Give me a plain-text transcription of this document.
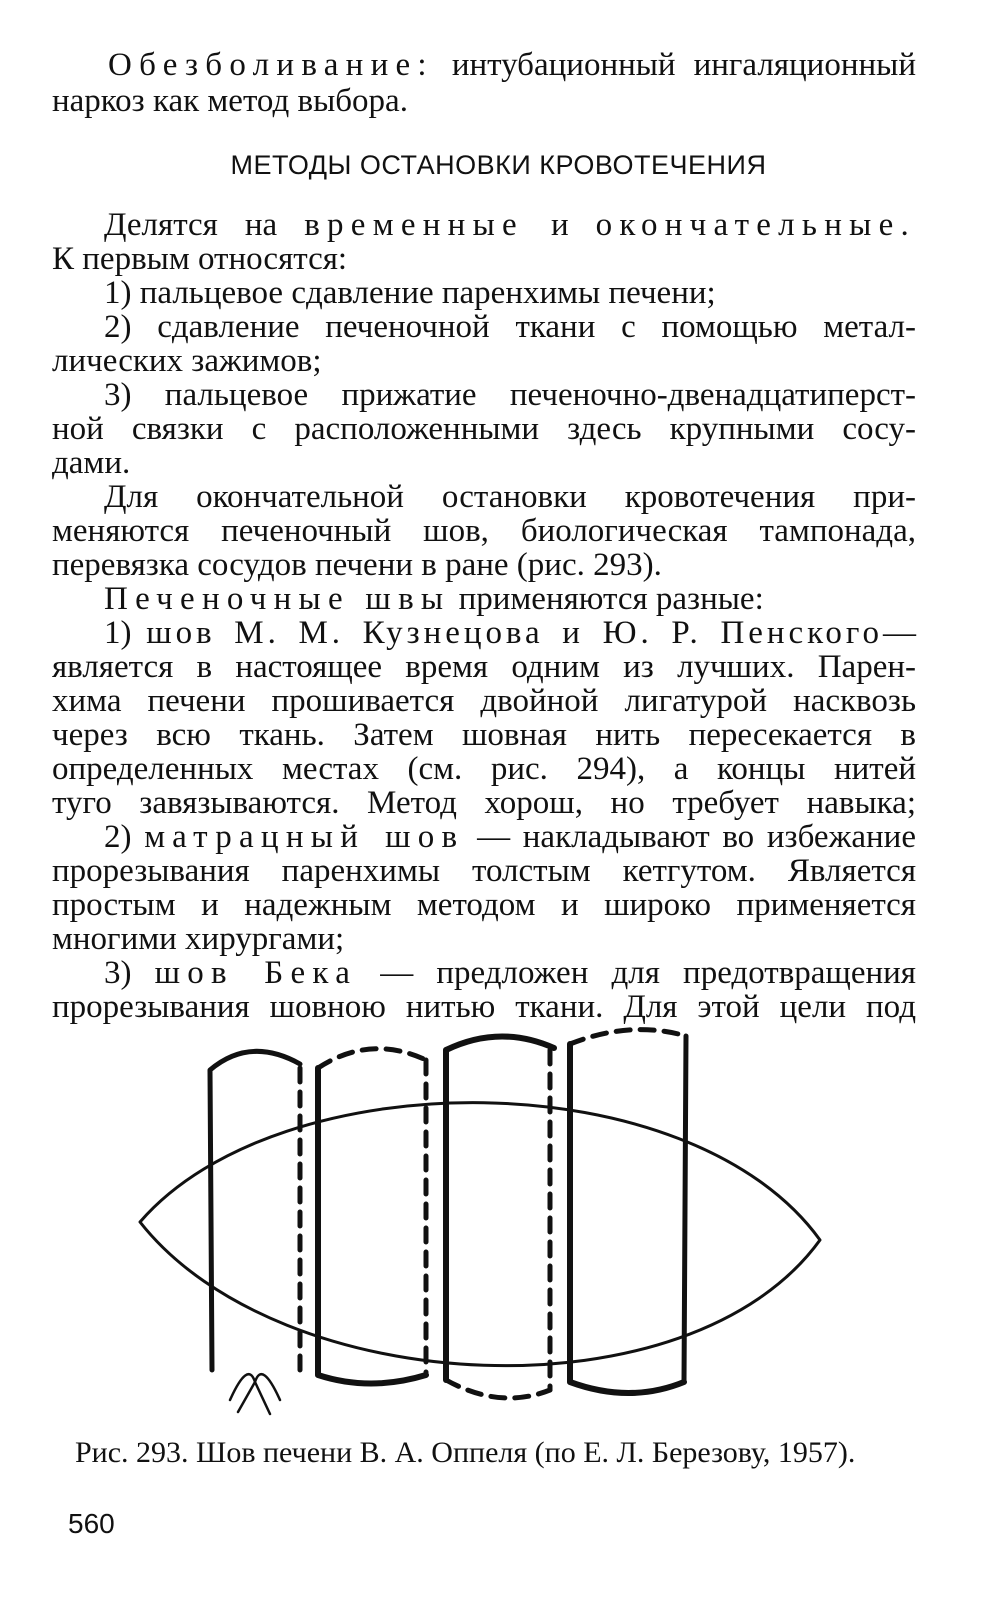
Обезболивание: интубационный ингаляционный
наркоз как метод выбора.
МЕТОДЫ ОСТАНОВКИ КРОВОТЕЧЕНИЯ
Делятся на временные и окончательные.
К первым относятся:
1) пальцевое сдавление паренхимы печени;
2) сдавление печеночной ткани с помощью метал-
лических зажимов;
3) пальцевое прижатие печеночно-двенадцатиперст-
ной связки с расположенными здесь крупными сосу-
дами.
Для окончательной остановки кровотечения при-
меняются печеночный шов, биологическая тампонада,
перевязка сосудов печени в ране (рис. 293).
Печеночные швы применяются разные:
1) шов М. М. Кузнецова и Ю. Р. Пенского—
является в настоящее время одним из лучших. Парен-
хима печени прошивается двойной лигатурой насквозь
через всю ткань. Затем шовная нить пересекается в
определенных местах (см. рис. 294), а концы нитей
туго завязываются. Метод хорош, но требует навыка;
2) матрацный шов — накладывают во избежание
прорезывания паренхимы толстым кетгутом. Является
простым и надежным методом и широко применяется
многими хирургами;
3) шов Бека — предложен для предотвращения
прорезывания шовною нитью ткани. Для этой цели под
Рис. 293. Шов печени В. А. Оппеля (по Е. Л. Березову, 1957).
560
